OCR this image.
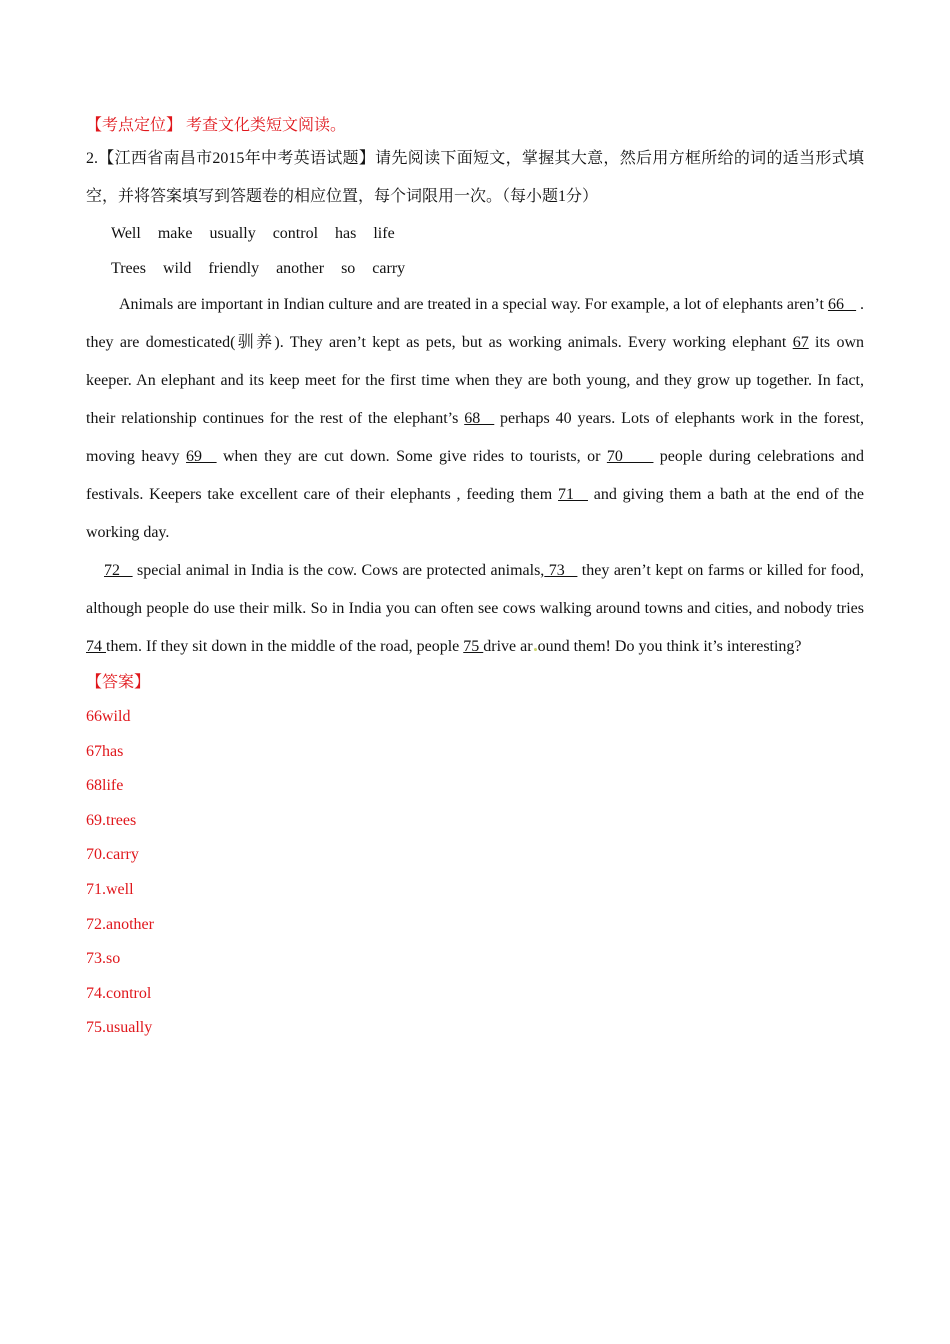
【考点定位】 考查文化类短文阅读。
2.【江西省南昌市2015年中考英语试题】请先阅读下面短文，掌握其大意，然后用方框所给的词的适当形式填空，并将答案填写到答题卷的相应位置，每个词限用一次。（每小题1分）
Well make usually control has life
Trees wild friendly another so carry
Animals are important in Indian culture and are treated in a special way. For example, a lot of elephants aren’t 66 _ . they are domesticated(驯养). They aren’t kept as pets, but as working animals. Every working elephant 67 its own keeper. An elephant and its keep meet for the first time when they are both young, and they grow up together. In fact, their relationship continues for the rest of the elephant’s 68 _ perhaps 40 years. Lots of elephants work in the forest, moving heavy 69 _ when they are cut down. Some give rides to tourists, or 70 ___ people during celebrations and festivals. Keepers take excellent care of their elephants , feeding them 71 _ and giving them a bath at the end of the working day.
72 _ special animal in India is the cow. Cows are protected animals, 73 _ they aren’t kept on farms or killed for food, although people do use their milk. So in India you can often see cows walking around towns and cities, and nobody tries 74 them. If they sit down in the middle of the road, people 75 drive ar ound them! Do you think it’s interesting?
【答案】
66wild
67has
68life
69.trees
70.carry
71.well
72.another
73.so
74.control
75.usually
